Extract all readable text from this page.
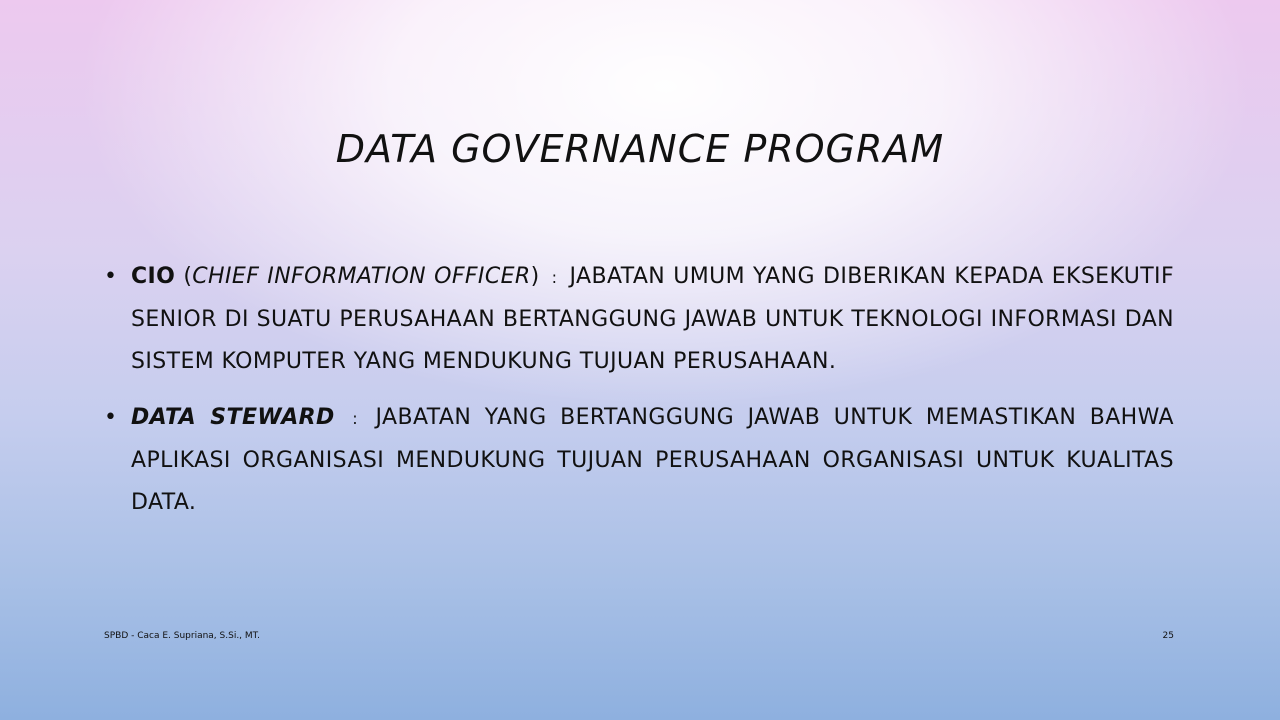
DATA GOVERNANCE PROGRAM
• CIO (CHIEF INFORMATION OFFICER) : JABATAN UMUM YANG DIBERIKAN KEPADA EKSEKUTIF SENIOR DI SUATU PERUSAHAAN BERTANGGUNG JAWAB UNTUK TEKNOLOGI INFORMASI DAN SISTEM KOMPUTER YANG MENDUKUNG TUJUAN PERUSAHAAN.
• DATA STEWARD : JABATAN YANG BERTANGGUNG JAWAB UNTUK MEMASTIKAN BAHWA APLIKASI ORGANISASI MENDUKUNG TUJUAN PERUSAHAAN ORGANISASI UNTUK KUALITAS DATA.
SPBD - Caca E. Supriana, S.Si., MT.	25
